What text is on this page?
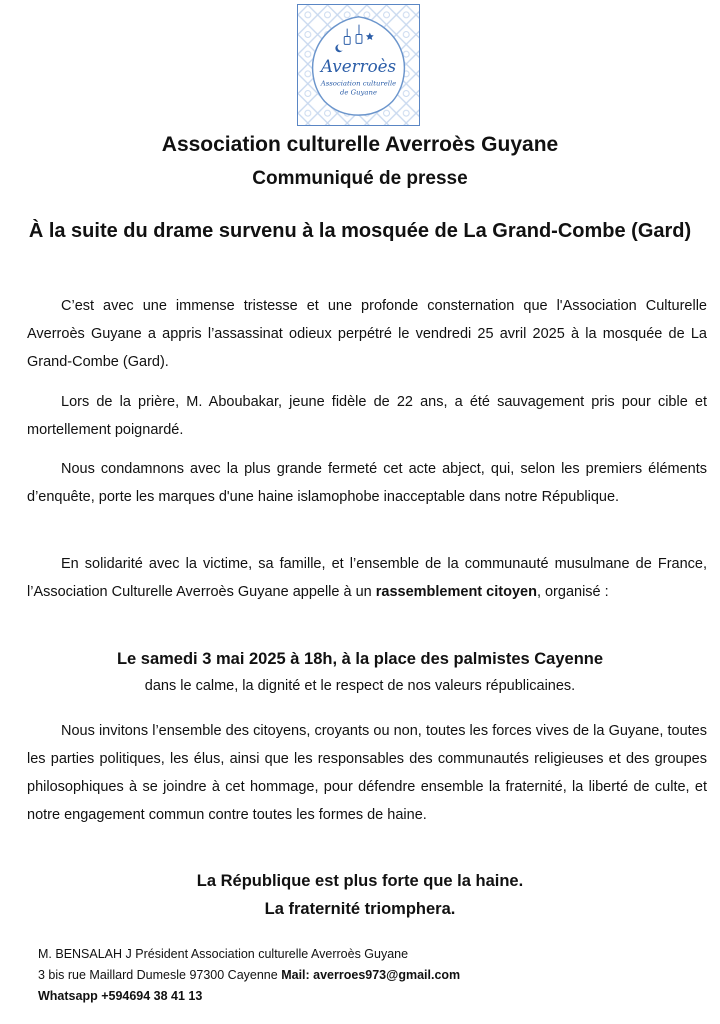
Averroès
Association culturelle
de Guyane
Association culturelle Averroès Guyane
Communiqué de presse
À la suite du drame survenu à la mosquée de La Grand-Combe (Gard)

C’est avec une immense tristesse et une profonde consternation que l'Association Culturelle Averroès Guyane a appris l’assassinat odieux perpétré le vendredi 25 avril 2025 à la mosquée de La Grand-Combe (Gard).

Lors de la prière, M. Aboubakar, jeune fidèle de 22 ans, a été sauvagement pris pour cible et mortellement poignardé.

Nous condamnons avec la plus grande fermeté cet acte abject, qui, selon les premiers éléments d’enquête, porte les marques d'une haine islamophobe inacceptable dans notre République.

En solidarité avec la victime, sa famille, et l’ensemble de la communauté musulmane de France, l’Association Culturelle Averroès Guyane appelle à un rassemblement citoyen, organisé :

Le samedi 3 mai 2025 à 18h, à la place des palmistes Cayenne
dans le calme, la dignité et le respect de nos valeurs républicaines.

Nous invitons l’ensemble des citoyens, croyants ou non, toutes les forces vives de la Guyane, toutes les parties politiques, les élus, ainsi que les responsables des communautés religieuses et des groupes philosophiques à se joindre à cet hommage, pour défendre ensemble la fraternité, la liberté de culte, et notre engagement commun contre toutes les formes de haine.

La République est plus forte que la haine.
La fraternité triomphera.
M. BENSALAH J Président Association culturelle Averroès Guyane
3 bis rue Maillard Dumesle 97300 Cayenne Mail: averroes973@gmail.com
Whatsapp +594694 38 41 13
